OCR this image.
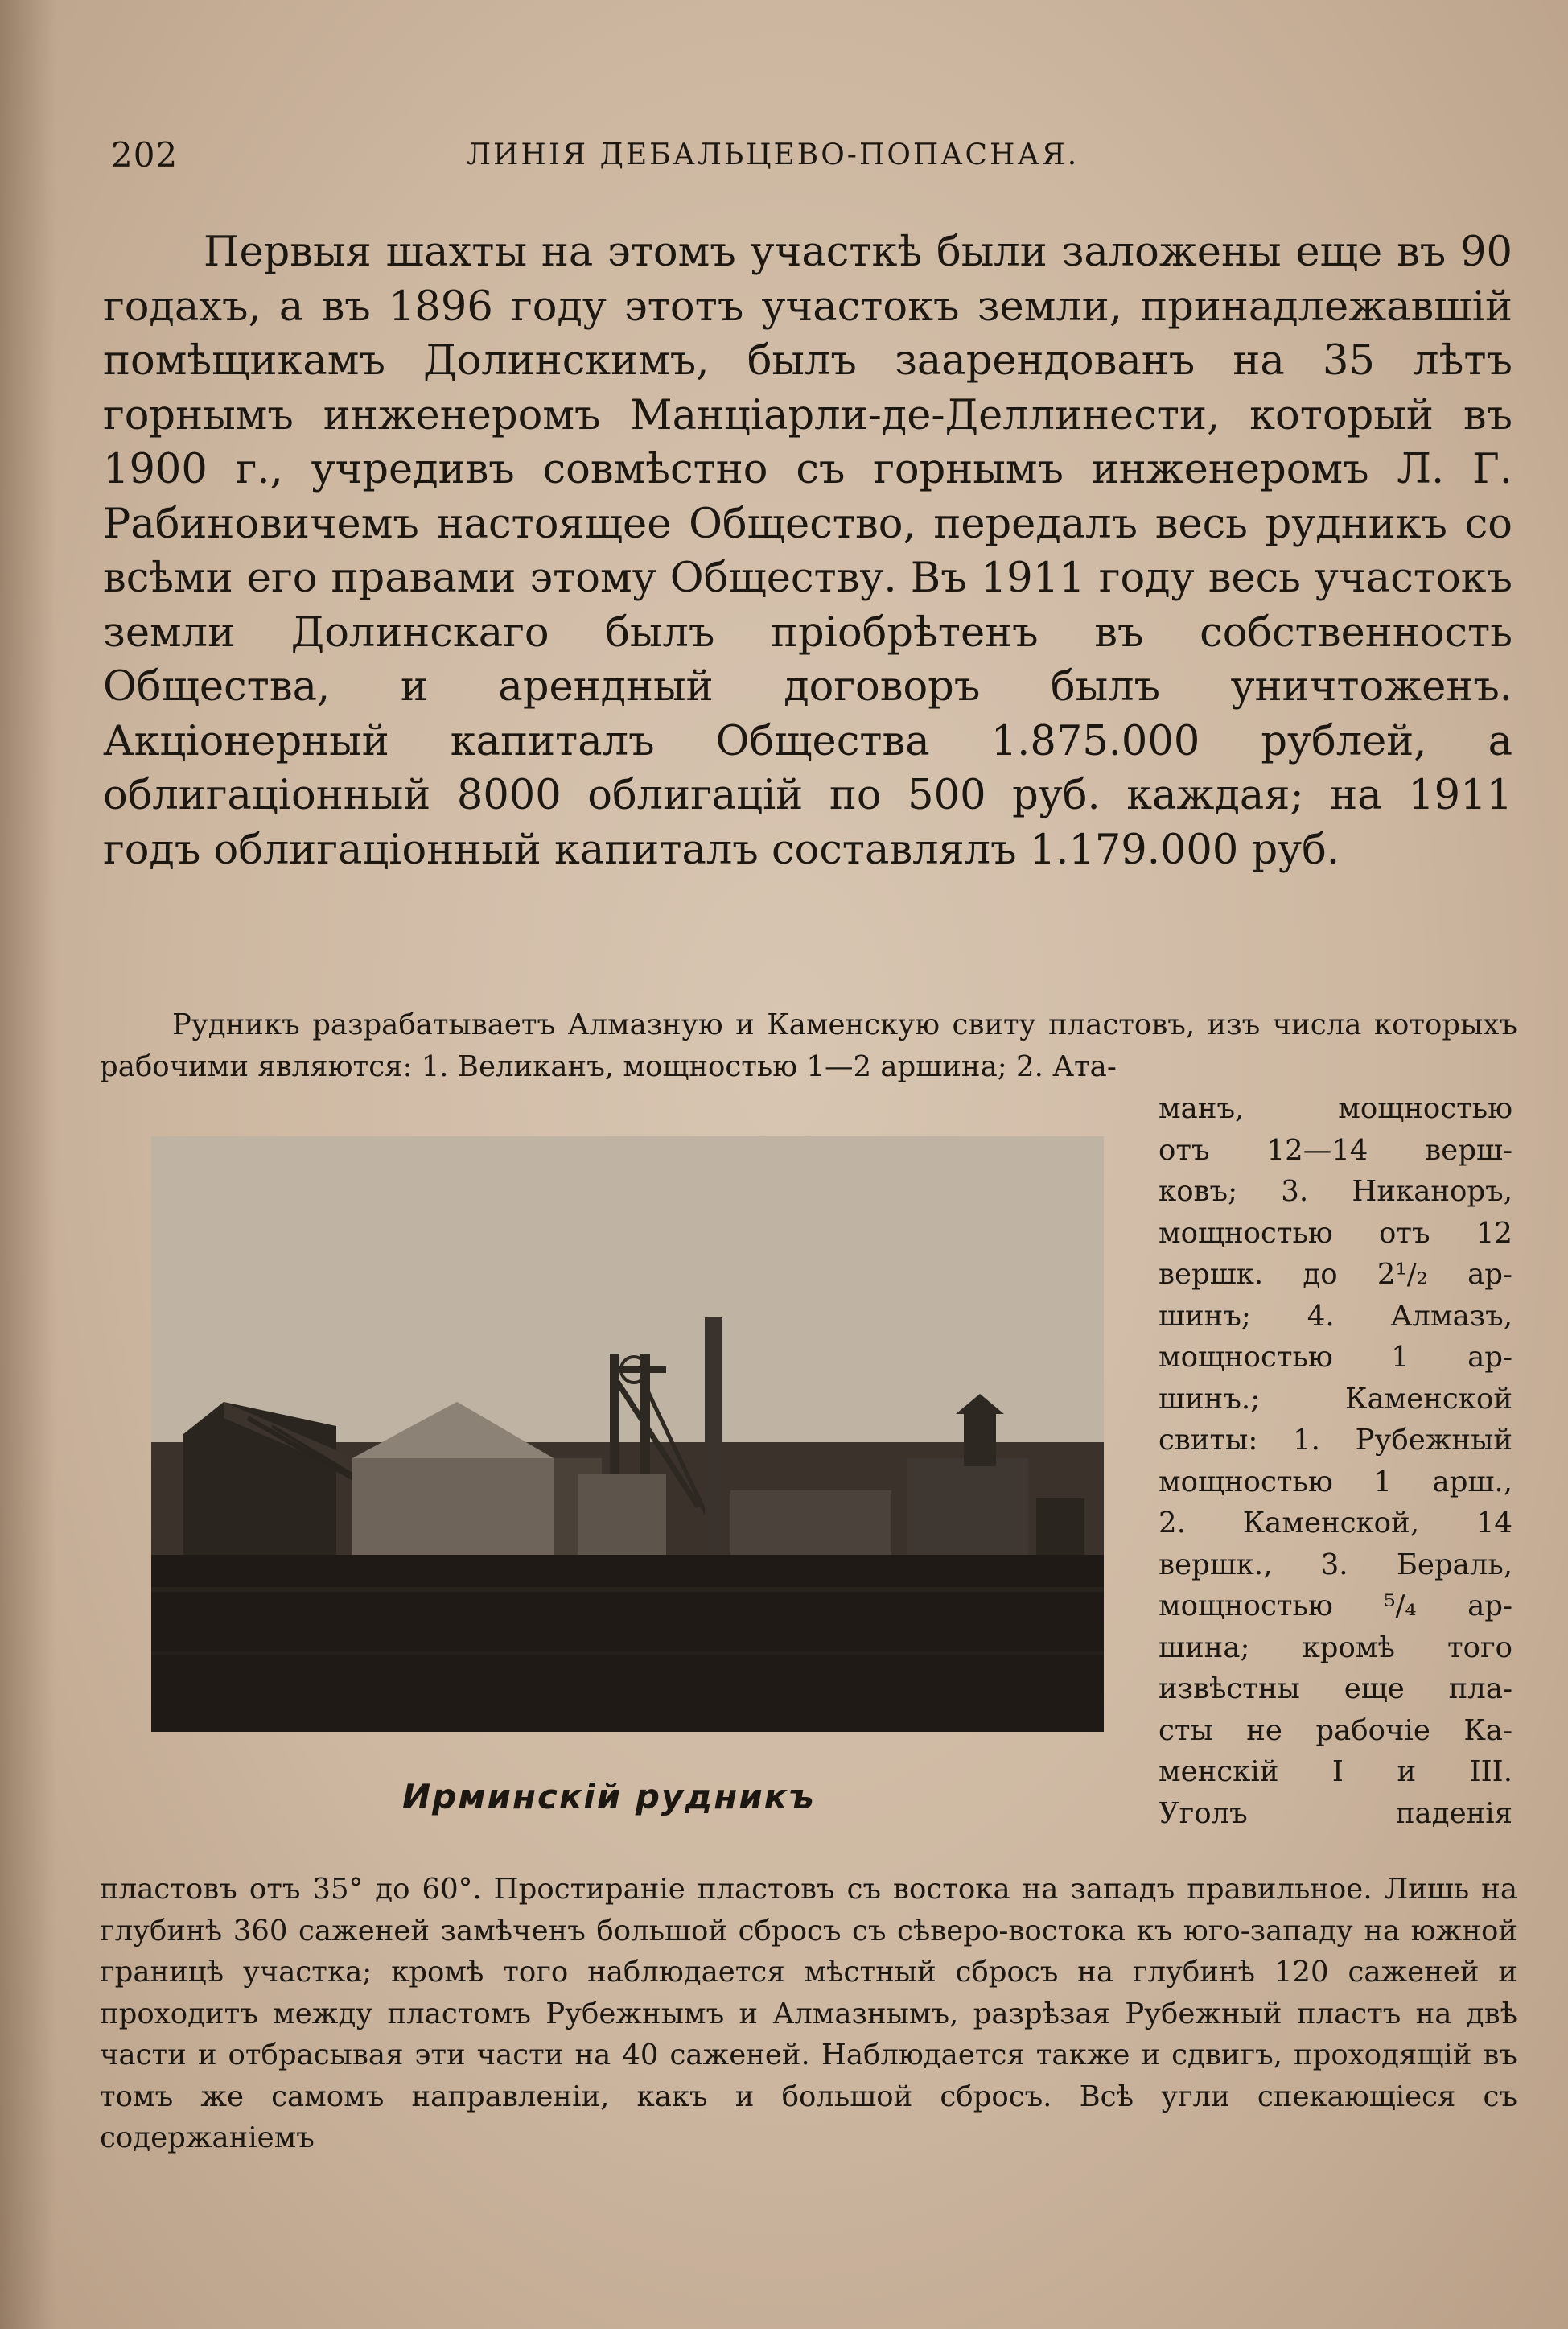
202	ЛИНІЯ ДЕБАЛЬЦЕВО-ПОПАСНАЯ.

Первыя шахты на этомъ участкѣ были заложены еще въ 90 годахъ, а въ 1896 году этотъ участокъ земли, принадлежавшій помѣщикамъ Долинскимъ, былъ заарендованъ на 35 лѣтъ горнымъ инженеромъ Манціарли-де-Деллинести, который въ 1900 г., учредивъ совмѣстно съ горнымъ инженеромъ Л. Г. Рабиновичемъ настоящее Общество, передалъ весь рудникъ со всѣми его правами этому Обществу. Въ 1911 году весь участокъ земли Долинскаго былъ пріобрѣтенъ въ собственность Общества, и арендный договоръ былъ уничтоженъ. Акціонерный капиталъ Общества 1.875.000 рублей, а облигаціонный 8000 облигацій по 500 руб. каждая; на 1911 годъ облигаціонный капиталъ составлялъ 1.179.000 руб.

Рудникъ разрабатываетъ Алмазную и Каменскую свиту пластовъ, изъ числа которыхъ рабочими являются: 1. Великанъ, мощностью 1—2 аршина; 2. Ата-

Ирминскій рудникъ
манъ, мощностью
отъ 12—14 верш-
ковъ; 3. Никаноръ,
мощностью отъ 12
вершк. до 2¹/₂ ар-
шинъ; 4. Алмазъ,
мощностью 1 ар-
шинъ.; Каменской
свиты: 1. Рубежный
мощностью 1 арш.,
2. Каменской, 14
вершк., 3. Бераль,
мощностью ⁵/₄ ар-
шина; кромѣ того
извѣстны еще пла-
сты не рабочіе Ка-
менскій I и III.
Уголъ паденія

пластовъ отъ 35° до 60°. Простираніе пластовъ съ востока на западъ правильное. Лишь на глубинѣ 360 саженей замѣченъ большой сбросъ съ сѣверо-востока къ юго-западу на южной границѣ участка; кромѣ того наблюдается мѣстный сбросъ на глубинѣ 120 саженей и проходитъ между пластомъ Рубежнымъ и Алмазнымъ, разрѣзая Рубежный пластъ на двѣ части и отбрасывая эти части на 40 саженей. Наблюдается также и сдвигъ, проходящій въ томъ же самомъ направленіи, какъ и большой сбросъ. Всѣ угли спекающіеся съ содержаніемъ
